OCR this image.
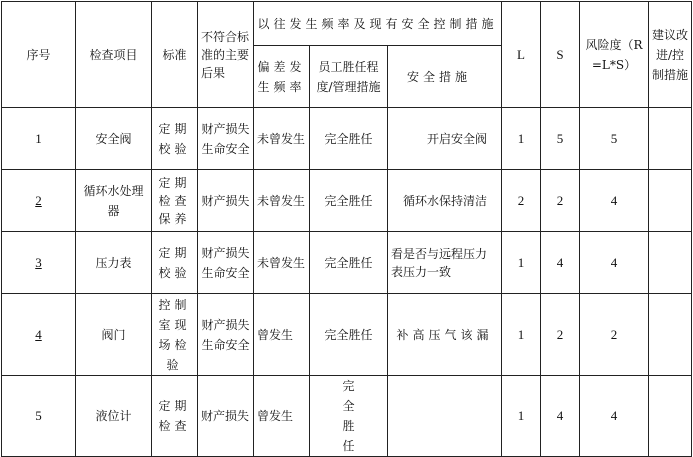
序号	检查项目	标准	不符合标准的主要后果	以往发生频率及现有安全控制措施			L	S	风险度（R=L*S）	建议改进/控制措施
				偏差发生频率	员工胜任程度/管理措施	安全措施				
1	安全阀	定期校验	财产损失生命安全	未曾发生	完全胜任	开启安全阀	1	5	5	
2	循环水处理器	定期检查保养	财产损失	未曾发生	完全胜任	循环水保持清洁	2	2	4	
3	压力表	定期校验	财产损失生命安全	未曾发生	完全胜任	看是否与远程压力表压力一致	1	4	4	
4	阀门	控制室现场检验	财产损失生命安全	曾发生	完全胜任	补高压气该漏	1	2	2	
5	液位计	定期检查	财产损失	曾发生	完全胜任		1	4	4	
